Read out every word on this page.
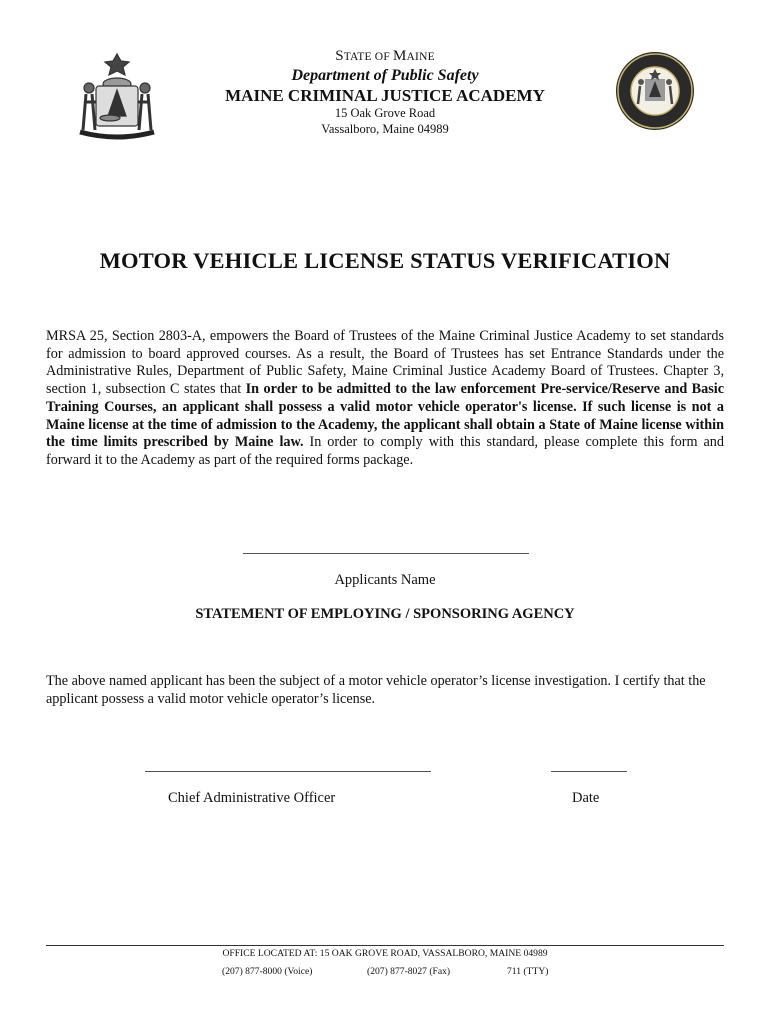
STATE OF MAINE
Department of Public Safety
MAINE CRIMINAL JUSTICE ACADEMY
15 Oak Grove Road
Vassalboro, Maine 04989
MOTOR VEHICLE LICENSE STATUS VERIFICATION
MRSA 25, Section 2803-A, empowers the Board of Trustees of the Maine Criminal Justice Academy to set standards for admission to board approved courses. As a result, the Board of Trustees has set Entrance Standards under the Administrative Rules, Department of Public Safety, Maine Criminal Justice Academy Board of Trustees. Chapter 3, section 1, subsection C states that In order to be admitted to the law enforcement Pre-service/Reserve and Basic Training Courses, an applicant shall possess a valid motor vehicle operator's license. If such license is not a Maine license at the time of admission to the Academy, the applicant shall obtain a State of Maine license within the time limits prescribed by Maine law. In order to comply with this standard, please complete this form and forward it to the Academy as part of the required forms package.
Applicants Name
STATEMENT OF EMPLOYING / SPONSORING AGENCY
The above named applicant has been the subject of a motor vehicle operator’s license investigation. I certify that the applicant possess a valid motor vehicle operator’s license.
Chief Administrative Officer	Date
OFFICE LOCATED AT: 15 OAK GROVE ROAD, VASSALBORO, MAINE 04989
(207) 877-8000 (Voice)	(207) 877-8027 (Fax)	711 (TTY)
